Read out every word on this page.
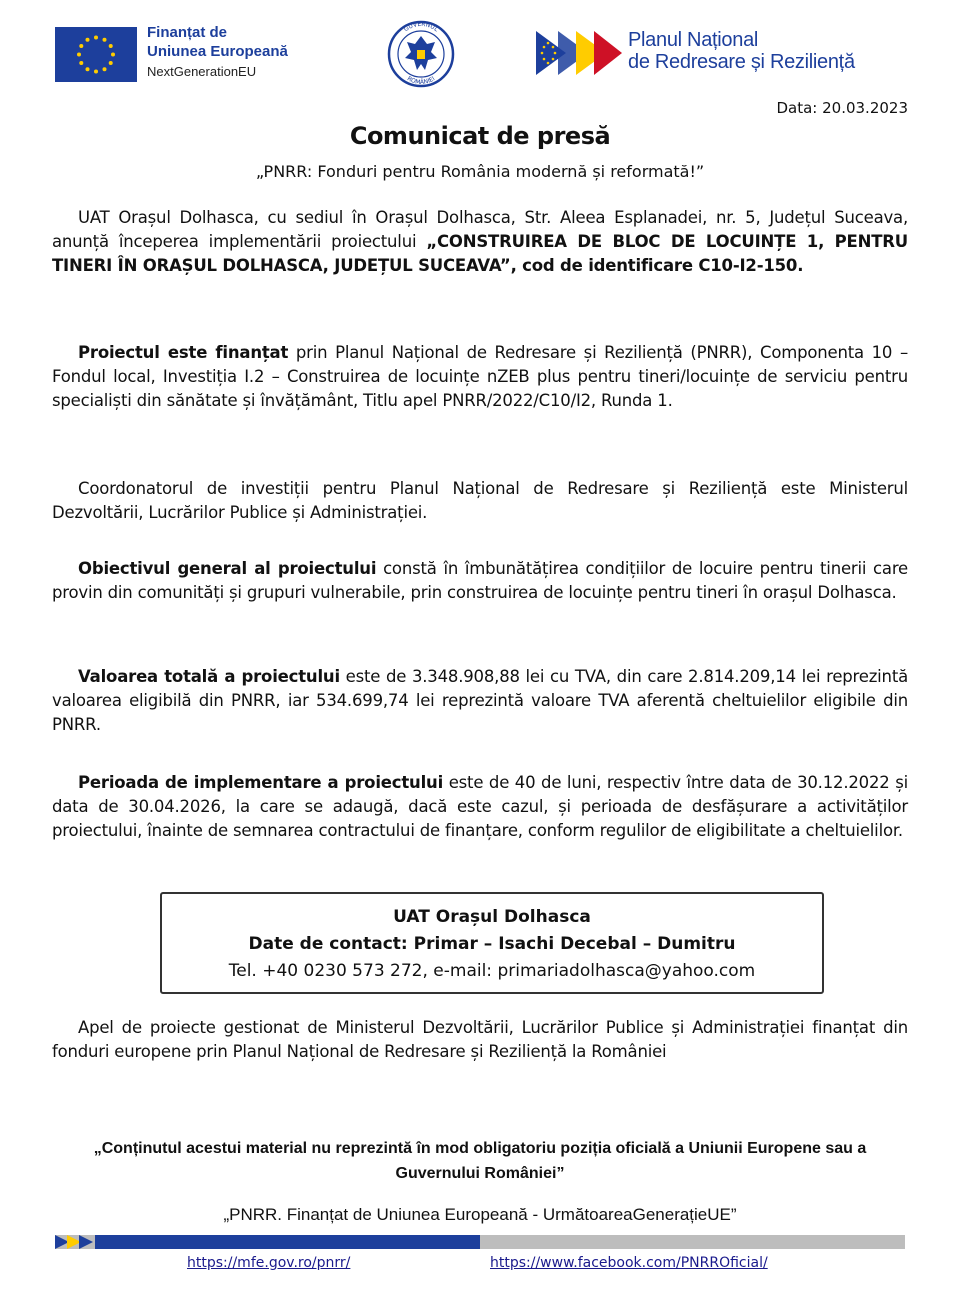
Finanțat de
Uniunea Europeană
NextGenerationEU
GUVERNUL
ROMÂNIEI
Planul Național
de Redresare și Reziliență
Data: 20.03.2023
Comunicat de presă
„PNRR: Fonduri pentru România modernă și reformată!”

UAT Orașul Dolhasca, cu sediul în Orașul Dolhasca, Str. Aleea Esplanadei, nr. 5, Județul Suceava, anunță începerea implementării proiectului „CONSTRUIREA DE BLOC DE LOCUINȚE 1, PENTRU TINERI ÎN ORAȘUL DOLHASCA, JUDEȚUL SUCEAVA”, cod de identificare C10-I2-150.

Proiectul este finanțat prin Planul Național de Redresare și Reziliență (PNRR), Componenta 10 – Fondul local, Investiția I.2 – Construirea de locuințe nZEB plus pentru tineri/locuințe de serviciu pentru specialiști din sănătate și învățământ, Titlu apel PNRR/2022/C10/I2, Runda 1.

Coordonatorul de investiții pentru Planul Național de Redresare și Reziliență este Ministerul Dezvoltării, Lucrărilor Publice și Administrației.

Obiectivul general al proiectului constă în îmbunătățirea condițiilor de locuire pentru tinerii care provin din comunități și grupuri vulnerabile, prin construirea de locuințe pentru tineri în orașul Dolhasca.

Valoarea totală a proiectului este de 3.348.908,88 lei cu TVA, din care 2.814.209,14 lei reprezintă valoarea eligibilă din PNRR, iar 534.699,74 lei reprezintă valoare TVA aferentă cheltuielilor eligibile din PNRR.

Perioada de implementare a proiectului este de 40 de luni, respectiv între data de 30.12.2022 și data de 30.04.2026, la care se adaugă, dacă este cazul, și perioada de desfășurare a activităților proiectului, înainte de semnarea contractului de finanțare, conform regulilor de eligibilitate a cheltuielilor.

UAT Orașul Dolhasca
Date de contact: Primar – Isachi Decebal – Dumitru
Tel. +40 0230 573 272, e-mail: primariadolhasca@yahoo.com

Apel de proiecte gestionat de Ministerul Dezvoltării, Lucrărilor Publice și Administrației finanțat din fonduri europene prin Planul Național de Redresare și Reziliență la României

„Conținutul acestui material nu reprezintă în mod obligatoriu poziția oficială a Uniunii Europene sau a Guvernului României”
„PNRR. Finanțat de Uniunea Europeană - UrmătoareaGenerațieUE”
https://mfe.gov.ro/pnrr/	https://www.facebook.com/PNRROficial/
